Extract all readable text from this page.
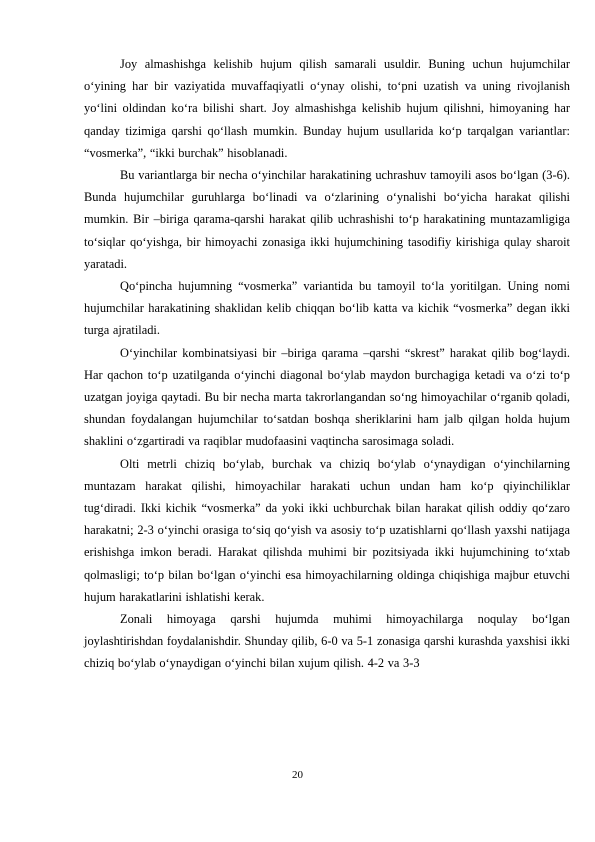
Joy almashishga kelishib hujum qilish samarali usuldir. Buning uchun hujumchilar o‘yining har bir vaziyatida muvaffaqiyatli o‘ynay olishi, to‘pni uzatish va uning rivojlanish yo‘lini oldindan ko‘ra bilishi shart. Joy almashishga kelishib hujum qilishni, himoyaning har qanday tizimiga qarshi qo‘llash mumkin. Bunday hujum usullarida ko‘p tarqalgan variantlar: “vosmerka”, “ikki burchak” hisoblanadi.

Bu variantlarga bir necha o‘yinchilar harakatining uchrashuv tamoyili asos bo‘lgan (3-6). Bunda hujumchilar guruhlarga bo‘linadi va o‘zlarining o‘ynalishi bo‘yicha harakat qilishi mumkin. Bir –biriga qarama-qarshi harakat qilib uchrashishi to‘p harakatining muntazamligiga to‘siqlar qo‘yishga, bir himoyachi zonasiga ikki hujumchining tasodifiy kirishiga qulay sharoit yaratadi.

Qo‘pincha hujumning “vosmerka” variantida bu tamoyil to‘la yoritilgan. Uning nomi hujumchilar harakatining shaklidan kelib chiqqan bo‘lib katta va kichik “vosmerka” degan ikki turga ajratiladi.

O‘yinchilar kombinatsiyasi bir –biriga qarama –qarshi “skrest” harakat qilib bog‘laydi. Har qachon to‘p uzatilganda o‘yinchi diagonal bo‘ylab maydon burchagiga ketadi va o‘zi to‘p uzatgan joyiga qaytadi. Bu bir necha marta takrorlangandan so‘ng himoyachilar o‘rganib qoladi, shundan foydalangan hujumchilar to‘satdan boshqa sheriklarini ham jalb qilgan holda hujum shaklini o‘zgartiradi va raqiblar mudofaasini vaqtincha sarosimaga soladi.

Olti metrli chiziq bo‘ylab, burchak va chiziq bo‘ylab o‘ynaydigan o‘yinchilarning muntazam harakat qilishi, himoyachilar harakati uchun undan ham ko‘p qiyinchiliklar tug‘diradi. Ikki kichik “vosmerka” da yoki ikki uchburchak bilan harakat qilish oddiy qo‘zaro harakatni; 2-3 o‘yinchi orasiga to‘siq qo‘yish va asosiy to‘p uzatishlarni qo‘llash yaxshi natijaga erishishga imkon beradi. Harakat qilishda muhimi bir pozitsiyada ikki hujumchining to‘xtab qolmasligi; to‘p bilan bo‘lgan o‘yinchi esa himoyachilarning oldinga chiqishiga majbur etuvchi hujum harakatlarini ishlatishi kerak.

Zonali himoyaga qarshi hujumda muhimi himoyachilarga noqulay bo‘lgan joylashtirishdan foydalanishdir. Shunday qilib, 6-0 va 5-1 zonasiga qarshi kurashda yaxshisi ikki chiziq bo‘ylab o‘ynaydigan o‘yinchi bilan xujum qilish. 4-2 va 3-3

20
